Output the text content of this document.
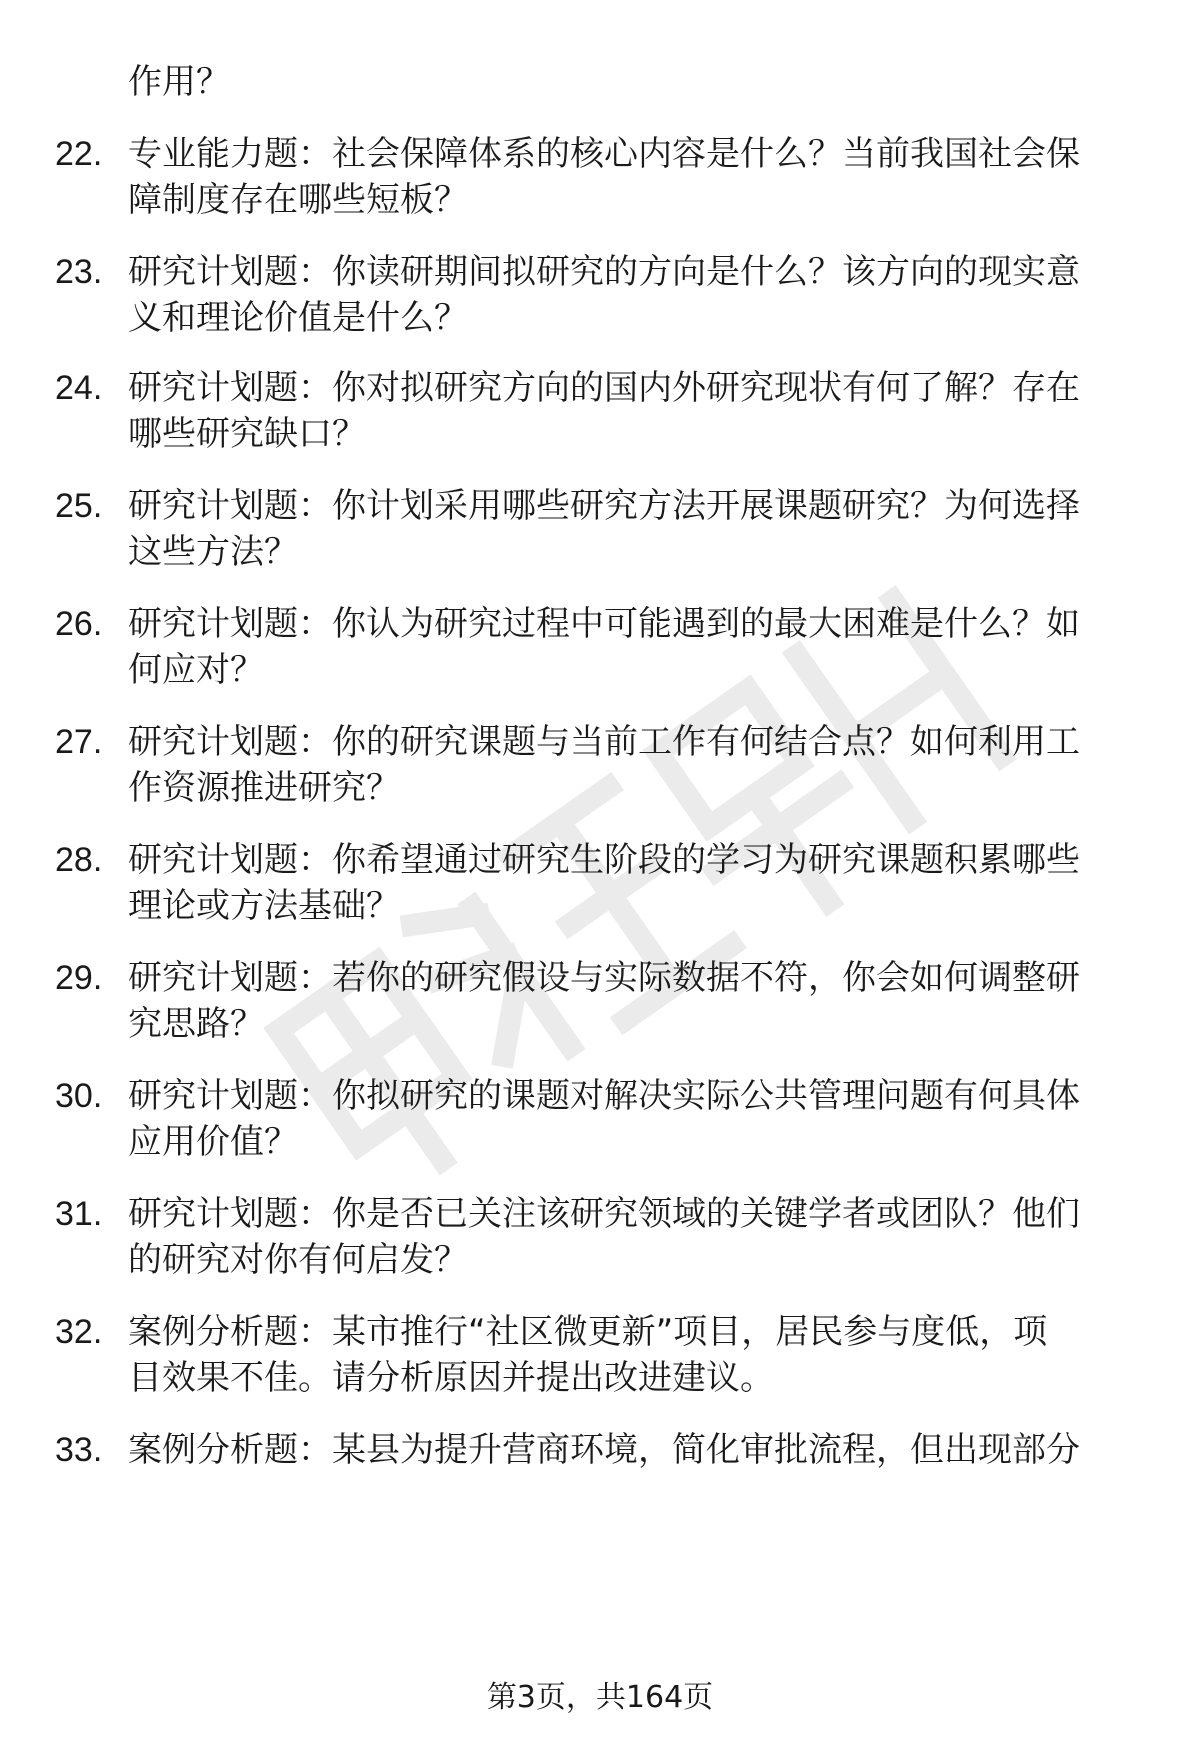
作用？

22. 专业能力题：社会保障体系的核心内容是什么？当前我国社会保
障制度存在哪些短板？
23. 研究计划题：你读研期间拟研究的方向是什么？该方向的现实意
义和理论价值是什么？
24. 研究计划题：你对拟研究方向的国内外研究现状有何了解？存在
哪些研究缺口？
25. 研究计划题：你计划采用哪些研究方法开展课题研究？为何选择
这些方法？
26. 研究计划题：你认为研究过程中可能遇到的最大困难是什么？如
何应对？
27. 研究计划题：你的研究课题与当前工作有何结合点？如何利用工
作资源推进研究？
28. 研究计划题：你希望通过研究生阶段的学习为研究课题积累哪些
理论或方法基础？
29. 研究计划题：若你的研究假设与实际数据不符，你会如何调整研
究思路？
30. 研究计划题：你拟研究的课题对解决实际公共管理问题有何具体
应用价值？
31. 研究计划题：你是否已关注该研究领域的关键学者或团队？他们
的研究对你有何启发？
32. 案例分析题：某市推行“社区微更新”项目，居民参与度低，项
目效果不佳。请分析原因并提出改进建议。
33. 案例分析题：某县为提升营商环境，简化审批流程，但出现部分
第3页，共164页
